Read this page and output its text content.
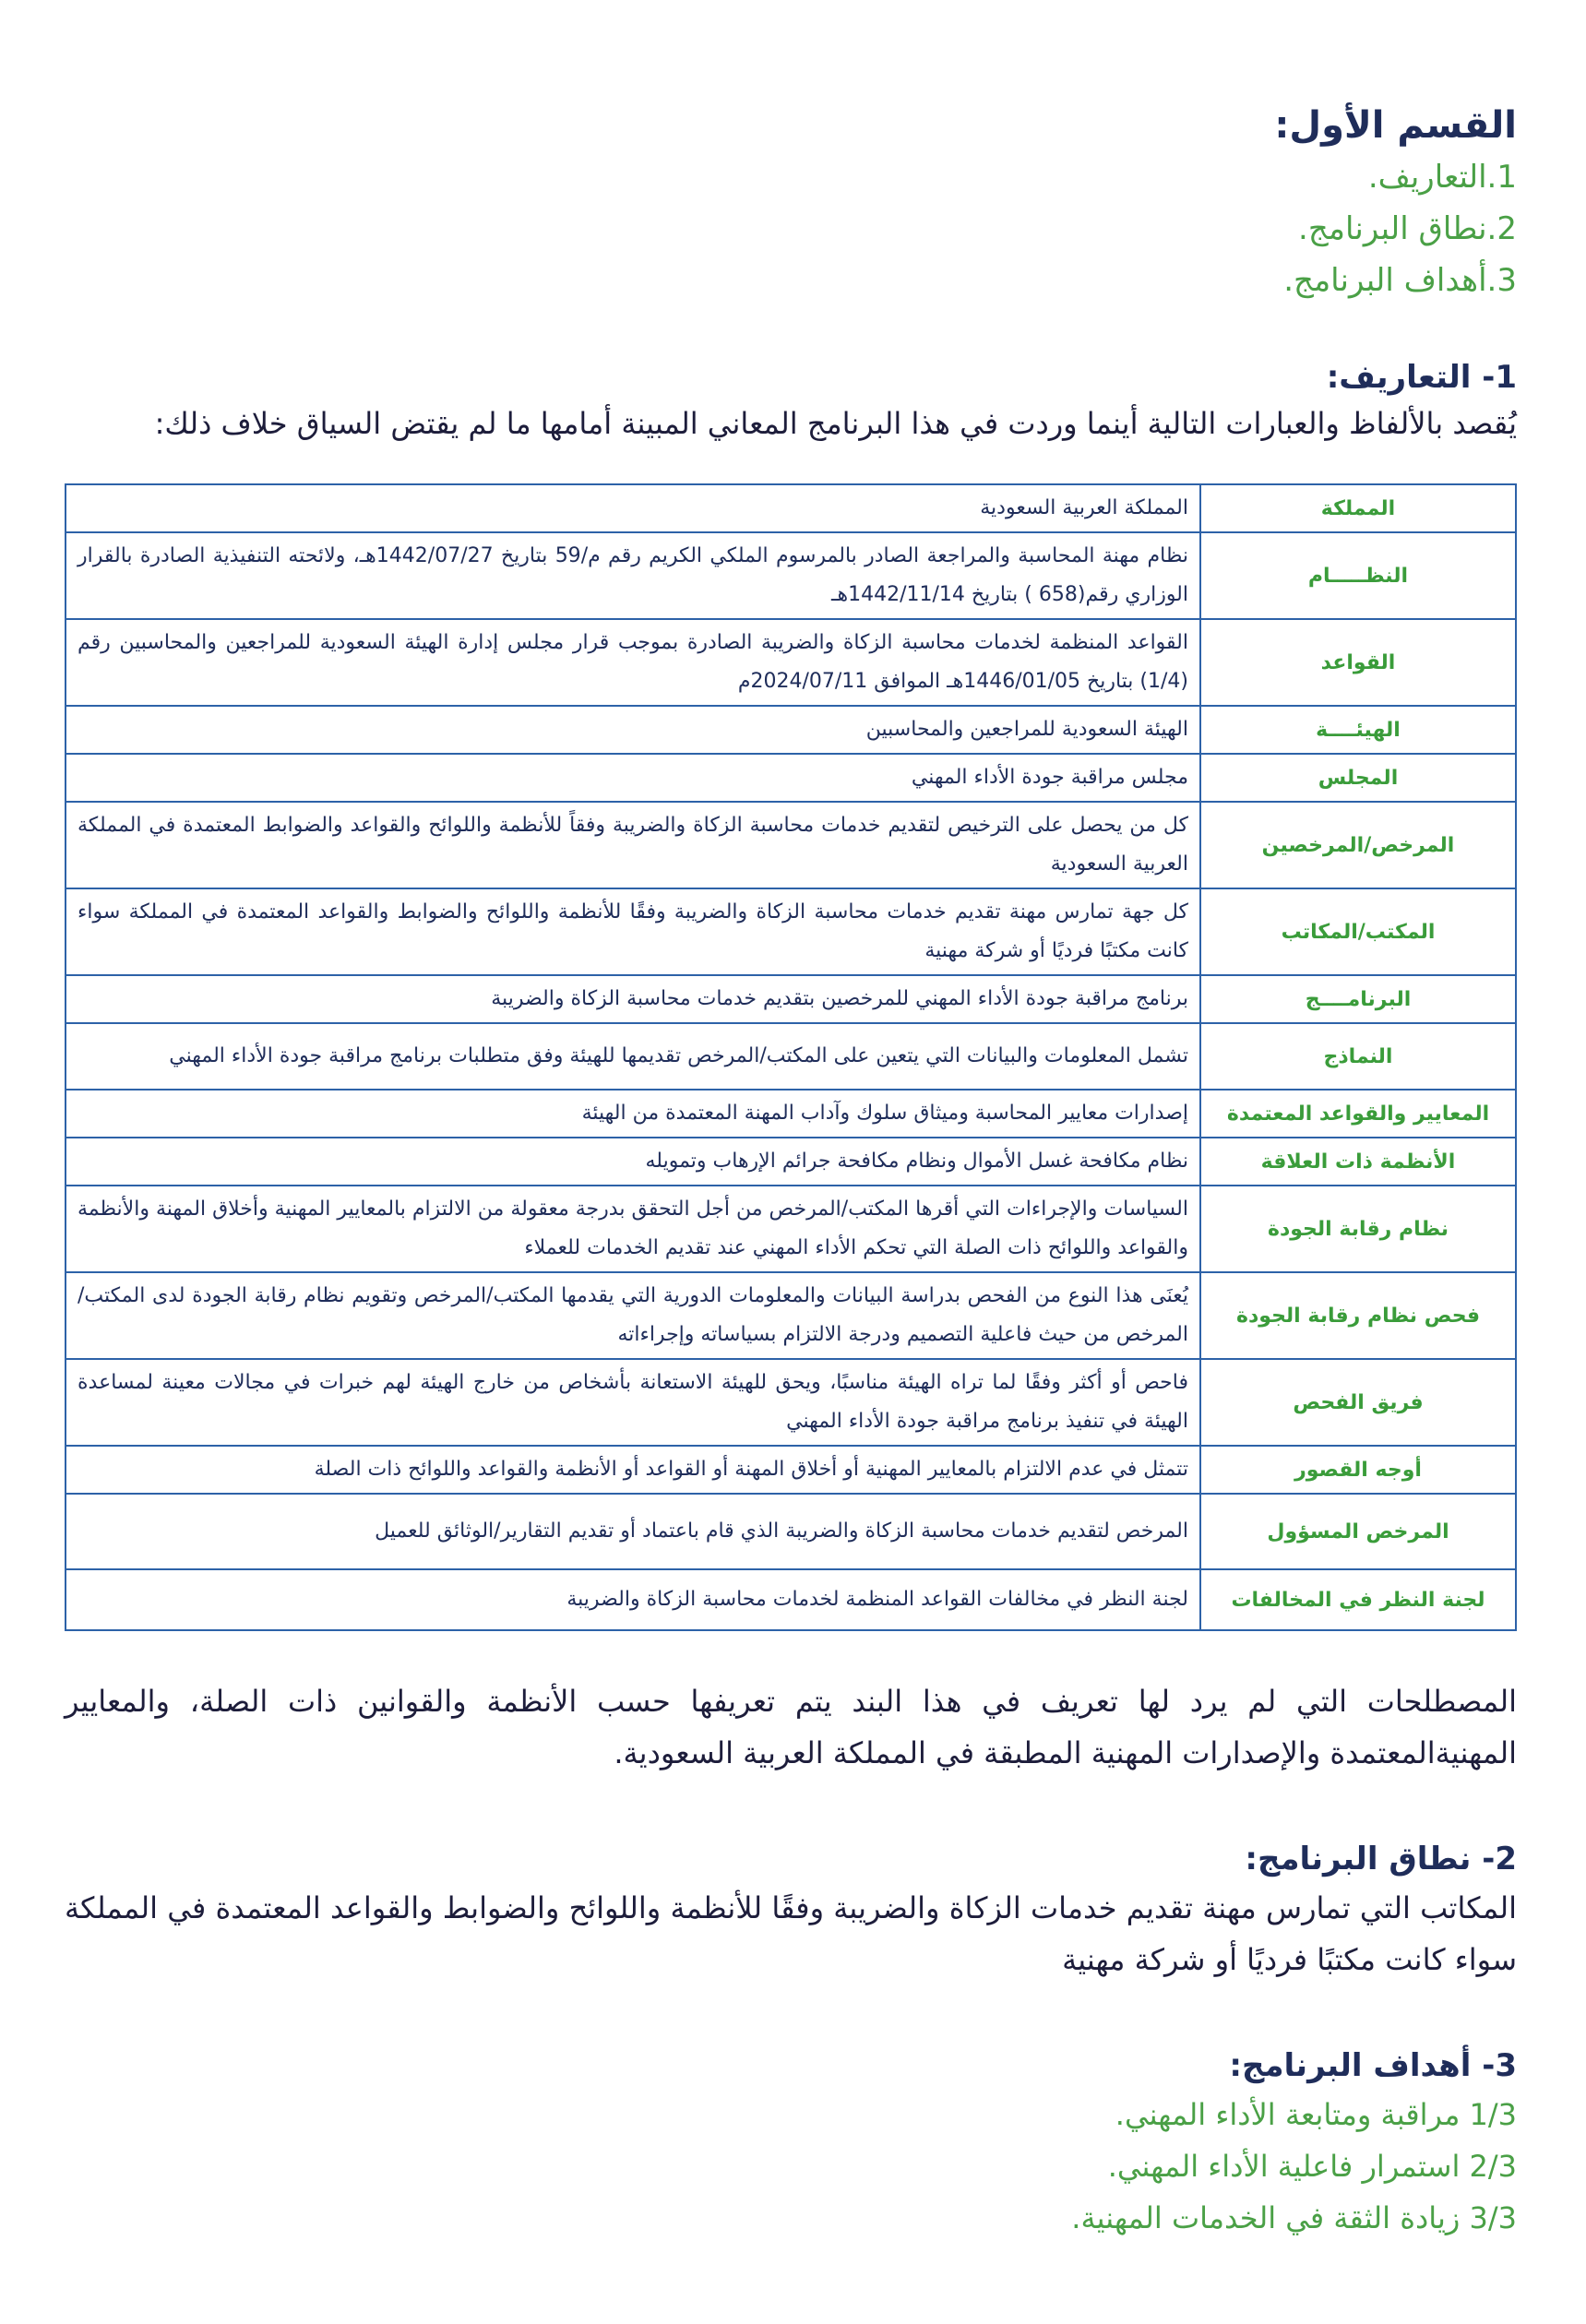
القسم الأول:

1.التعاريف.

2.نطاق البرنامج.

3.أهداف البرنامج.

1- التعاريف:

يُقصد بالألفاظ والعبارات التالية أينما وردت في هذا البرنامج المعاني المبينة أمامها ما لم يقتض السياق خلاف ذلك:

المملكة	المملكة العربية السعودية
النظـــــام	نظام مهنة المحاسبة والمراجعة الصادر بالمرسوم الملكي الكريم رقم م/59 بتاريخ 1442/07/27هـ، ولائحته التنفيذية الصادرة بالقرار الوزاري رقم(658 ) بتاريخ 1442/11/14هـ
القواعد	القواعد المنظمة لخدمات محاسبة الزكاة والضريبة الصادرة بموجب قرار مجلس إدارة الهيئة السعودية للمراجعين والمحاسبين رقم (1/4) بتاريخ 1446/01/05هـ الموافق 2024/07/11م
الهيئــــة	الهيئة السعودية للمراجعين والمحاسبين
المجلس	مجلس مراقبة جودة الأداء المهني
المرخص/المرخصين	كل من يحصل على الترخيص لتقديم خدمات محاسبة الزكاة والضريبة وفقاً للأنظمة واللوائح والقواعد والضوابط المعتمدة في المملكة العربية السعودية
المكتب/المكاتب	كل جهة تمارس مهنة تقديم خدمات محاسبة الزكاة والضريبة وفقًا للأنظمة واللوائح والضوابط والقواعد المعتمدة في المملكة سواء كانت مكتبًا فرديًا أو شركة مهنية
البرنامــــج	برنامج مراقبة جودة الأداء المهني للمرخصين بتقديم خدمات محاسبة الزكاة والضريبة
النماذج	تشمل المعلومات والبيانات التي يتعين على المكتب/المرخص تقديمها للهيئة وفق متطلبات برنامج مراقبة جودة الأداء المهني
المعايير والقواعد المعتمدة	إصدارات معايير المحاسبة وميثاق سلوك وآداب المهنة المعتمدة من الهيئة
الأنظمة ذات العلاقة	نظام مكافحة غسل الأموال ونظام مكافحة جرائم الإرهاب وتمويله
نظام رقابة الجودة	السياسات والإجراءات التي أقرها المكتب/المرخص من أجل التحقق بدرجة معقولة من الالتزام بالمعايير المهنية وأخلاق المهنة والأنظمة والقواعد واللوائح ذات الصلة التي تحكم الأداء المهني عند تقديم الخدمات للعملاء
فحص نظام رقابة الجودة	يُعنَى هذا النوع من الفحص بدراسة البيانات والمعلومات الدورية التي يقدمها المكتب/المرخص وتقويم نظام رقابة الجودة لدى المكتب/المرخص من حيث فاعلية التصميم ودرجة الالتزام بسياساته وإجراءاته
فريق الفحص	فاحص أو أكثر وفقًا لما تراه الهيئة مناسبًا، ويحق للهيئة الاستعانة بأشخاص من خارج الهيئة لهم خبرات في مجالات معينة لمساعدة الهيئة في تنفيذ برنامج مراقبة جودة الأداء المهني
أوجه القصور	تتمثل في عدم الالتزام بالمعايير المهنية أو أخلاق المهنة أو القواعد أو الأنظمة والقواعد واللوائح ذات الصلة
المرخص المسؤول	المرخص لتقديم خدمات محاسبة الزكاة والضريبة الذي قام باعتماد أو تقديم التقارير/الوثائق للعميل
لجنة النظر في المخالفات	لجنة النظر في مخالفات القواعد المنظمة لخدمات محاسبة الزكاة والضريبة

المصطلحات التي لم يرد لها تعريف في هذا البند يتم تعريفها حسب الأنظمة والقوانين ذات الصلة، والمعايير المهنيةالمعتمدة والإصدارات المهنية المطبقة في المملكة العربية السعودية.

2- نطاق البرنامج:

المكاتب التي تمارس مهنة تقديم خدمات الزكاة والضريبة وفقًا للأنظمة واللوائح والضوابط والقواعد المعتمدة في المملكة سواء كانت مكتبًا فرديًا أو شركة مهنية

3- أهداف البرنامج:

1/3 مراقبة ومتابعة الأداء المهني.

2/3 استمرار فاعلية الأداء المهني.

3/3 زيادة الثقة في الخدمات المهنية.
